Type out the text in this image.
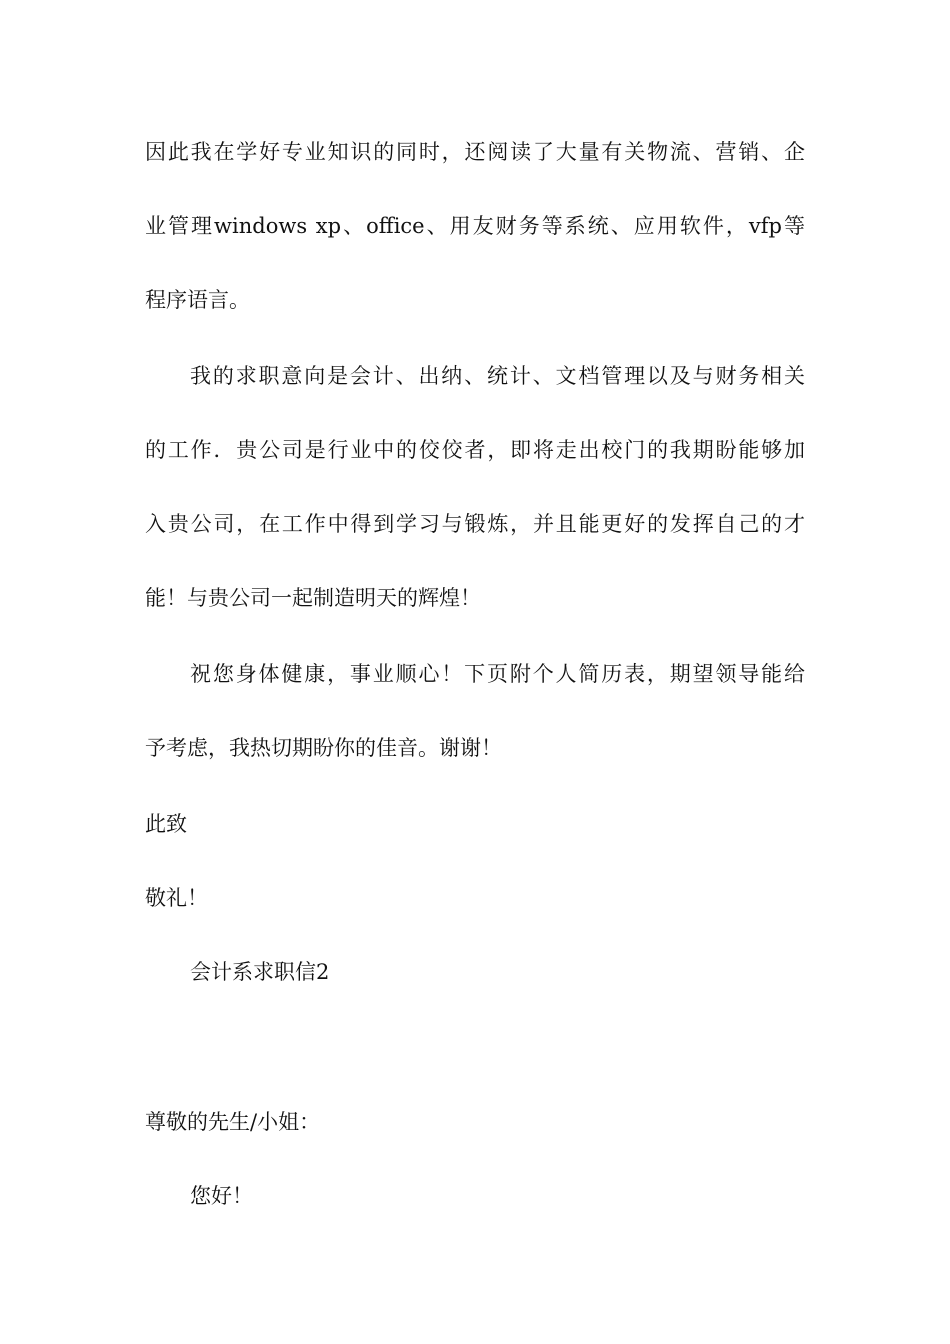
因此我在学好专业知识的同时，还阅读了大量有关物流、营销、企
业管理windows xp、office、用友财务等系统、应用软件，vfp等
程序语言。
我的求职意向是会计、出纳、统计、文档管理以及与财务相关
的工作．贵公司是行业中的佼佼者，即将走出校门的我期盼能够加
入贵公司，在工作中得到学习与锻炼，并且能更好的发挥自己的才
能！与贵公司一起制造明天的辉煌！
祝您身体健康，事业顺心！下页附个人简历表，期望领导能给
予考虑，我热切期盼你的佳音。谢谢！
此致
敬礼！
会计系求职信2
尊敬的先生/小姐：
您好！
